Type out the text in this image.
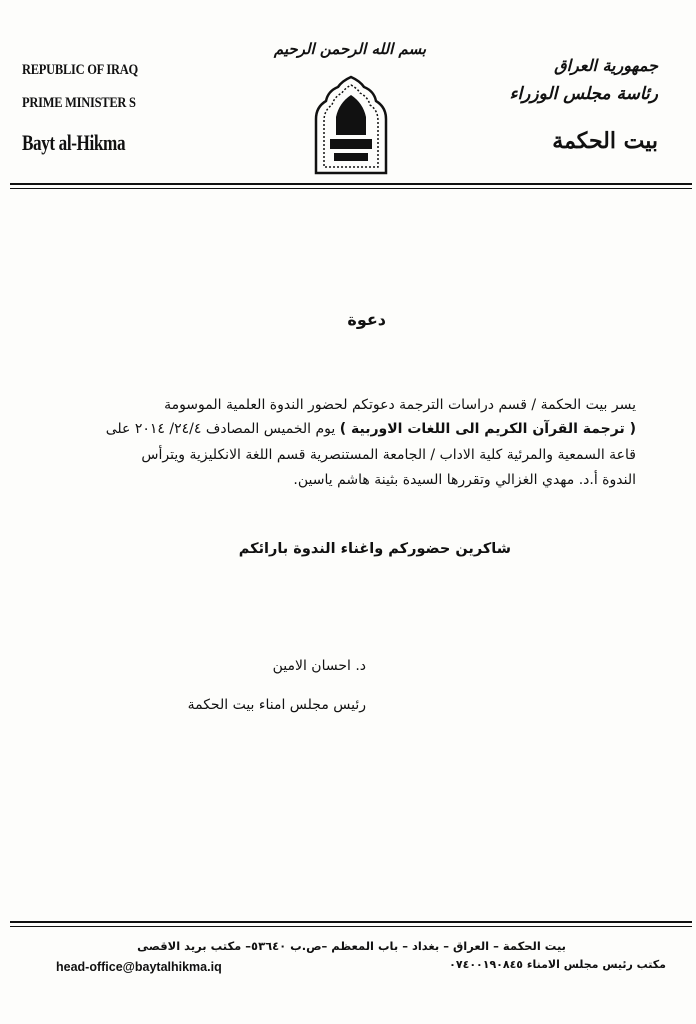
REPUBLIC OF IRAQ
PRIME MINISTER S
Bayt al-Hikma
بسم الله الرحمن الرحيم
جمهورية العراق
رئاسة مجلس الوزراء
بيت الحكمة
دعوة
يسر بيت الحكمة / قسم دراسات الترجمة دعوتكم لحضور الندوة العلمية الموسومة
( ترجمة القرآن الكريم الى اللغات الاوربية ) يوم الخميس المصادف ٢٤/٤/ ٢٠١٤ على
قاعة السمعية والمرئية كلية الاداب / الجامعة المستنصرية قسم اللغة الانكليزية ويترأس
الندوة أ.د. مهدي الغزالي وتقررها السيدة بثينة هاشم ياسين.
شاكرين حضوركم واغناء الندوة بارائكم
د. احسان الامين
رئيس مجلس امناء بيت الحكمة
بيت الحكمة – العراق – بغداد – باب المعظم –ص.ب ٥٣٦٤٠– مكتب بريد الاقصى
مكتب رئيس مجلس الامناء ٠٧٤٠٠١٩٠٨٤٥
head-office@baytalhikma.iq
